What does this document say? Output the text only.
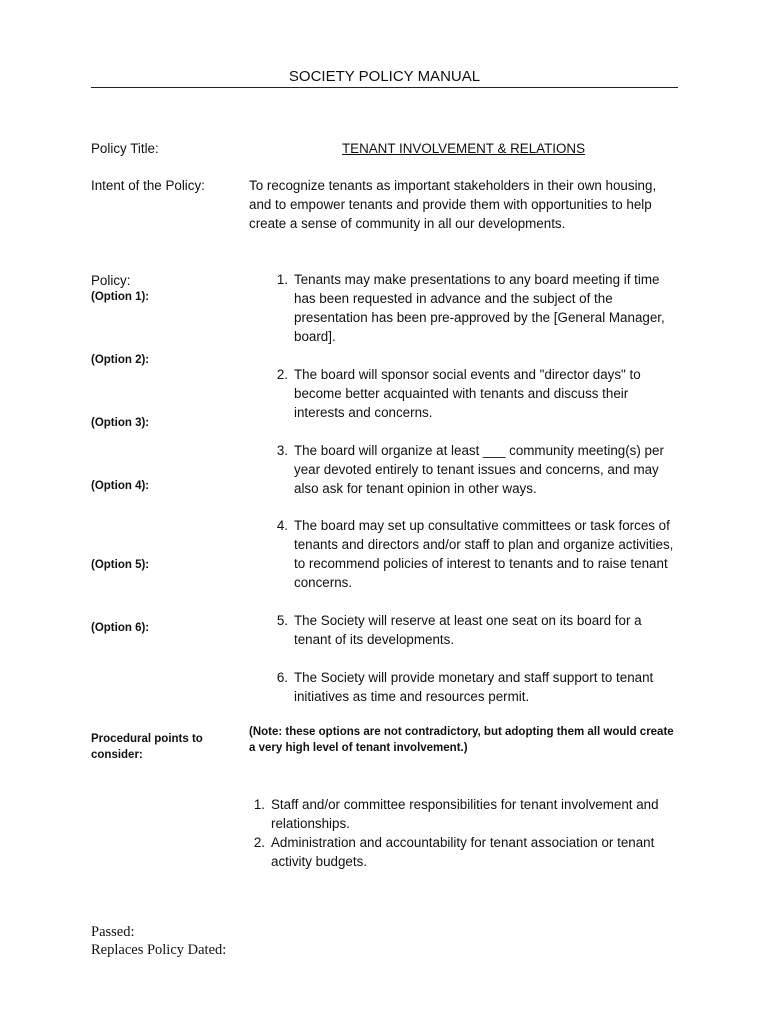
SOCIETY POLICY MANUAL
Policy Title:	TENANT INVOLVEMENT & RELATIONS
Intent of the Policy:	To recognize tenants as important stakeholders in their own housing, and to empower tenants and provide them with opportunities to help create a sense of community in all our developments.
Policy:
(Option 1):
(Option 2):
(Option 3):
(Option 4):
(Option 5):
(Option 6):
1. Tenants may make presentations to any board meeting if time has been requested in advance and the subject of the presentation has been pre-approved by the [General Manager, board].
2. The board will sponsor social events and "director days" to become better acquainted with tenants and discuss their interests and concerns.
3. The board will organize at least ___ community meeting(s) per year devoted entirely to tenant issues and concerns, and may also ask for tenant opinion in other ways.
4. The board may set up consultative committees or task forces of tenants and directors and/or staff to plan and organize activities, to recommend policies of interest to tenants and to raise tenant concerns.
5. The Society will reserve at least one seat on its board for a tenant of its developments.
6. The Society will provide monetary and staff support to tenant initiatives as time and resources permit.
Procedural points to consider:
(Note: these options are not contradictory, but adopting them all would create a very high level of tenant involvement.)
1. Staff and/or committee responsibilities for tenant involvement and relationships.
2. Administration and accountability for tenant association or tenant activity budgets.
Passed:
Replaces Policy Dated:
